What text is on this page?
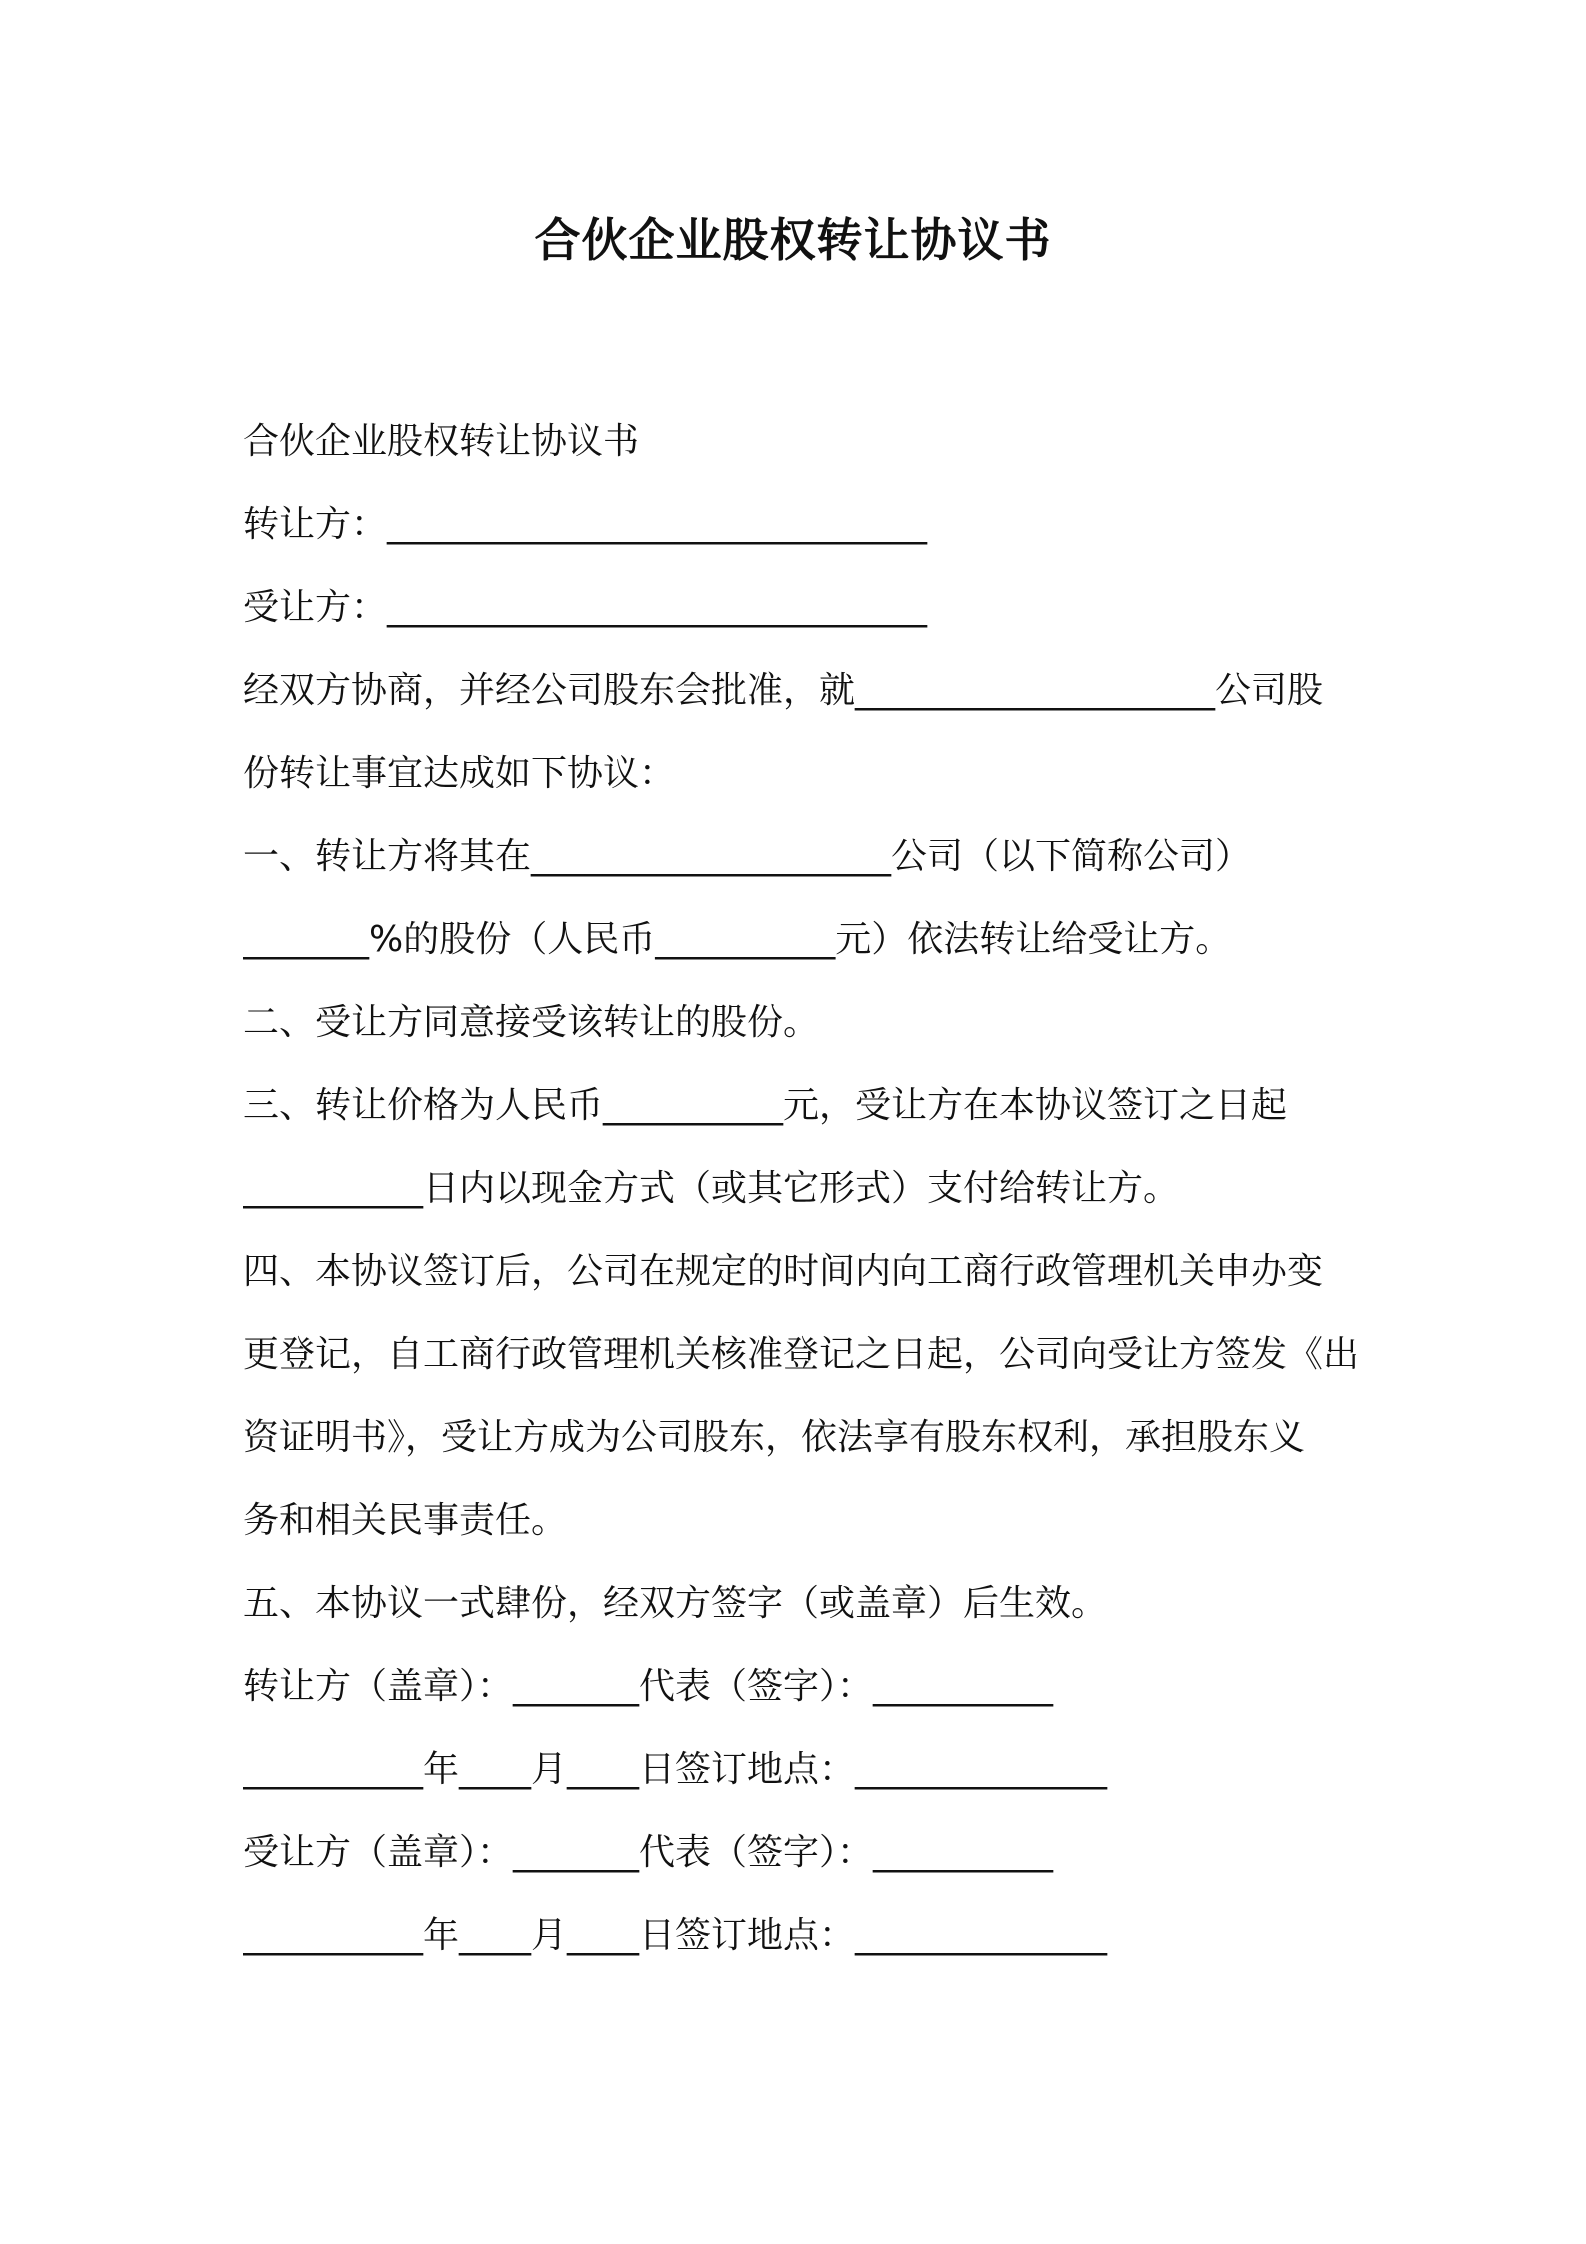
合伙企业股权转让协议书
合伙企业股权转让协议书
转让方：______________________________
受让方：______________________________
经双方协商，并经公司股东会批准，就____________________公司股
份转让事宜达成如下协议：
一、转让方将其在____________________公司（以下简称公司）
_______%的股份（人民币__________元）依法转让给受让方。
二、受让方同意接受该转让的股份。
三、转让价格为人民币__________元，受让方在本协议签订之日起
__________日内以现金方式（或其它形式）支付给转让方。
四、本协议签订后，公司在规定的时间内向工商行政管理机关申办变
更登记，自工商行政管理机关核准登记之日起，公司向受让方签发《出
资证明书》，受让方成为公司股东，依法享有股东权利，承担股东义
务和相关民事责任。
五、本协议一式肆份，经双方签字（或盖章）后生效。
转让方（盖章）：_______代表（签字）：__________
__________年____月____日签订地点：______________
受让方（盖章）：_______代表（签字）：__________
__________年____月____日签订地点：______________
